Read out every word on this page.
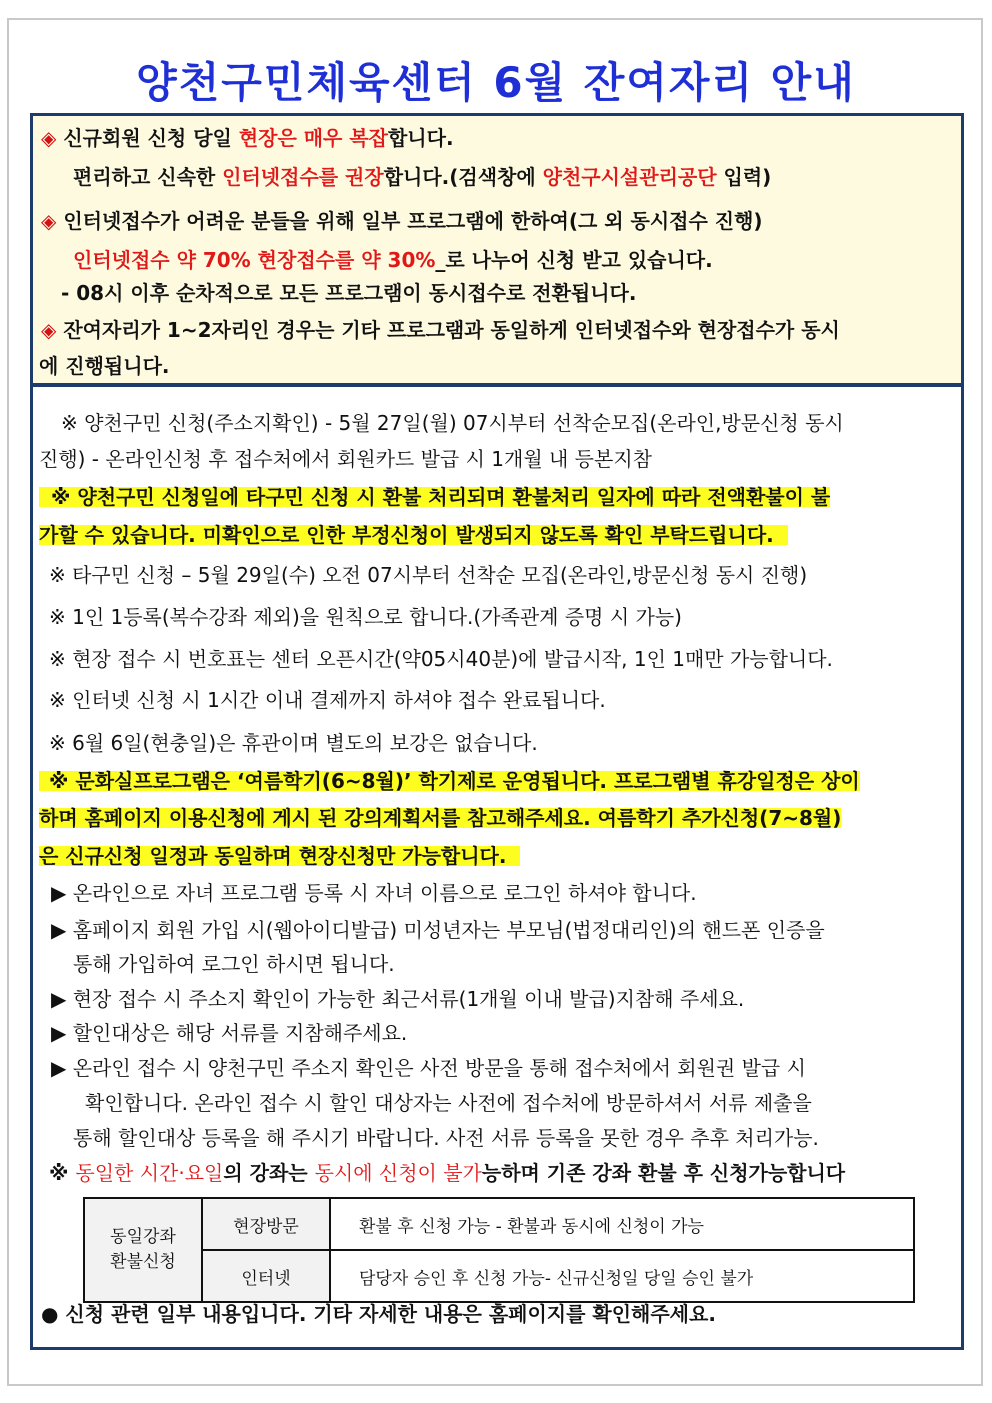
양천구민체육센터 6월 잔여자리 안내
◈ 신규회원 신청 당일 현장은 매우 복잡합니다.
편리하고 신속한 인터넷접수를 권장합니다.(검색창에 양천구시설관리공단 입력)
◈ 인터넷접수가 어려운 분들을 위해 일부 프로그램에 한하여(그 외 동시접수 진행)
인터넷접수 약 70% 현장접수를 약 30%_로 나누어 신청 받고 있습니다.
- 08시 이후 순차적으로 모든 프로그램이 동시접수로 전환됩니다.
◈ 잔여자리가 1~2자리인 경우는 기타 프로그램과 동일하게 인터넷접수와 현장접수가 동시
에 진행됩니다.
※ 양천구민 신청(주소지확인) - 5월 27일(월) 07시부터 선착순모집(온라인,방문신청 동시
진행) - 온라인신청 후 접수처에서 회원카드 발급 시 1개월 내 등본지참
※ 양천구민 신청일에 타구민 신청 시 환불 처리되며 환불처리 일자에 따라 전액환불이 불
가할 수 있습니다. 미확인으로 인한 부정신청이 발생되지 않도록 확인 부탁드립니다.
※ 타구민 신청 – 5월 29일(수) 오전 07시부터 선착순 모집(온라인,방문신청 동시 진행)
※ 1인 1등록(복수강좌 제외)을 원칙으로 합니다.(가족관계 증명 시 가능)
※ 현장 접수 시 번호표는 센터 오픈시간(약05시40분)에 발급시작, 1인 1매만 가능합니다.
※ 인터넷 신청 시 1시간 이내 결제까지 하셔야 접수 완료됩니다.
※ 6월 6일(현충일)은 휴관이며 별도의 보강은 없습니다.
※ 문화실프로그램은 ‘여름학기(6~8월)’ 학기제로 운영됩니다. 프로그램별 휴강일정은 상이
하며 홈페이지 이용신청에 게시 된 강의계획서를 참고해주세요. 여름학기 추가신청(7~8월)
은 신규신청 일정과 동일하며 현장신청만 가능합니다.
▶ 온라인으로 자녀 프로그램 등록 시 자녀 이름으로 로그인 하셔야 합니다.
▶ 홈페이지 회원 가입 시(웹아이디발급) 미성년자는 부모님(법정대리인)의 핸드폰 인증을
통해 가입하여 로그인 하시면 됩니다.
▶ 현장 접수 시 주소지 확인이 가능한 최근서류(1개월 이내 발급)지참해 주세요.
▶ 할인대상은 해당 서류를 지참해주세요.
▶ 온라인 접수 시 양천구민 주소지 확인은 사전 방문을 통해 접수처에서 회원권 발급 시
확인합니다. 온라인 접수 시 할인 대상자는 사전에 접수처에 방문하셔서 서류 제출을
통해 할인대상 등록을 해 주시기 바랍니다. 사전 서류 등록을 못한 경우 추후 처리가능.
※ 동일한 시간·요일의 강좌는 동시에 신청이 불가능하며 기존 강좌 환불 후 신청가능합니다
동일강좌
환불신청	현장방문	환불 후 신청 가능 - 환불과 동시에 신청이 가능
	인터넷	담당자 승인 후 신청 가능- 신규신청일 당일 승인 불가
● 신청 관련 일부 내용입니다. 기타 자세한 내용은 홈페이지를 확인해주세요.
